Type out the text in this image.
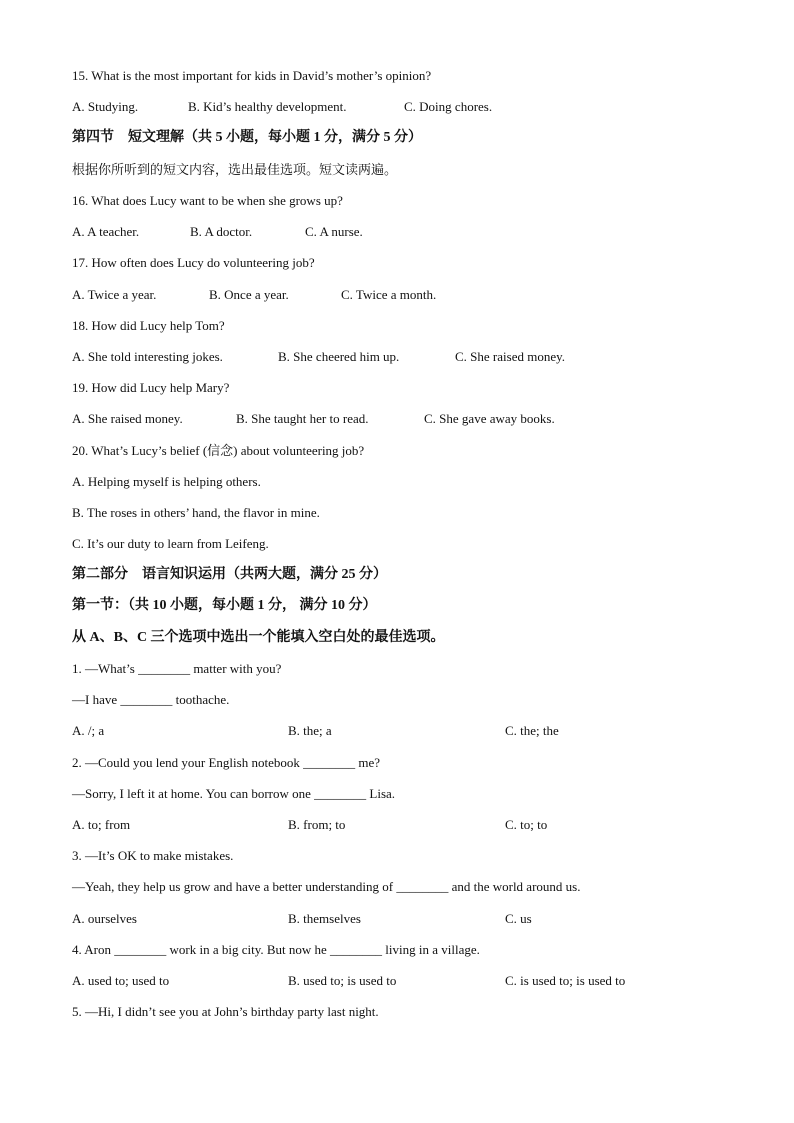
15. What is the most important for kids in David’s mother’s opinion?
A. Studying.	B. Kid’s healthy development.	C. Doing chores.
第四节　短文理解（共 5 小题，每小题 1 分，满分 5 分）
根据你所听到的短文内容，选出最佳选项。短文读两遍。
16. What does Lucy want to be when she grows up?
A. A teacher.	B. A doctor.	C. A nurse.
17. How often does Lucy do volunteering job?
A. Twice a year.	B. Once a year.	C. Twice a month.
18. How did Lucy help Tom?
A. She told interesting jokes.	B. She cheered him up.	C. She raised money.
19. How did Lucy help Mary?
A. She raised money.	B. She taught her to read.	C. She gave away books.
20. What’s Lucy’s belief (信念) about volunteering job?
A. Helping myself is helping others.
B. The roses in others’ hand, the flavor in mine.
C. It’s our duty to learn from Leifeng.
第二部分　语言知识运用（共两大题，满分 25 分）
第一节：（共 10 小题，每小题 1 分， 满分 10 分）
从 A、B、C 三个选项中选出一个能填入空白处的最佳选项。
1. —What’s ________ matter with you?
—I have ________ toothache.
A. /; a	B. the; a	C. the; the
2. —Could you lend your English notebook ________ me?
—Sorry, I left it at home. You can borrow one ________ Lisa.
A. to; from	B. from; to	C. to; to
3. —It’s OK to make mistakes.
—Yeah, they help us grow and have a better understanding of ________ and the world around us.
A. ourselves	B. themselves	C. us
4. Aron ________ work in a big city. But now he ________ living in a village.
A. used to; used to	B. used to; is used to	C. is used to; is used to
5. —Hi, I didn’t see you at John’s birthday party last night.
